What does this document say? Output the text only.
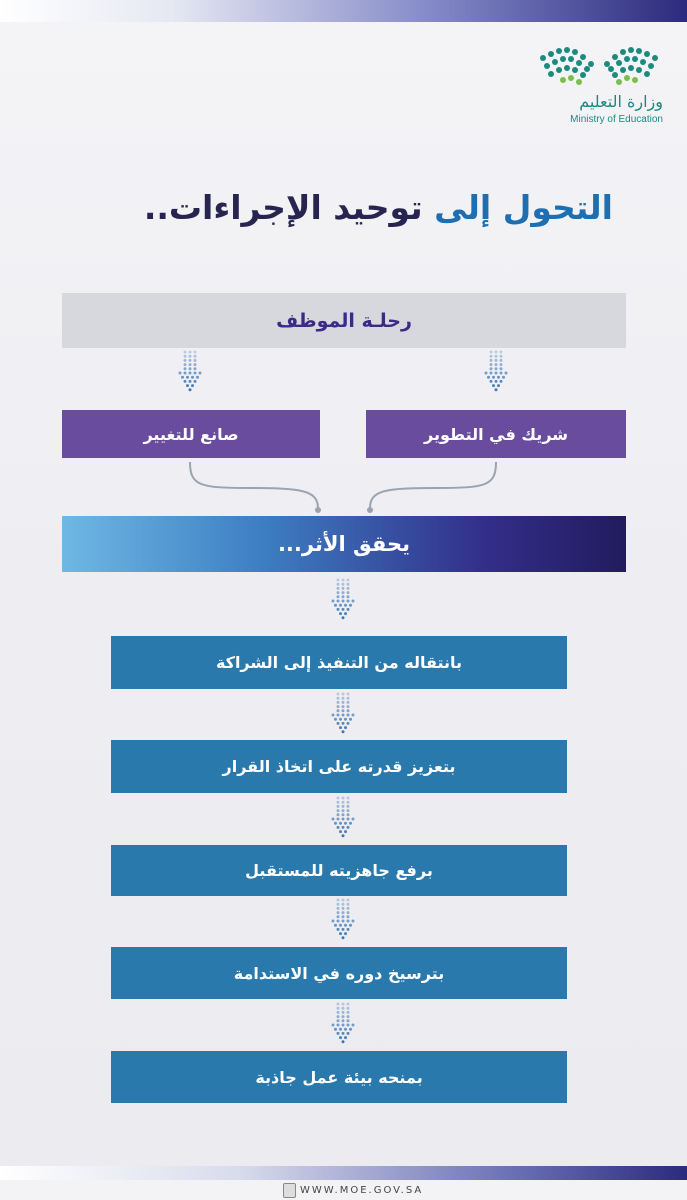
وزارة التعليم
Ministry of Education
التحول إلى توحيد الإجراءات..
رحلـة الموظف
شريك في التطوير
صانع للتغيير
يحقق الأثر...
بانتقاله من التنفيذ إلى الشراكة
بتعزيز قدرته على اتخاذ القرار
برفع جاهزيته للمستقبل
بترسيخ دوره في الاستدامة
بمنحه بيئة عمل جاذبة
WWW.MOE.GOV.SA
